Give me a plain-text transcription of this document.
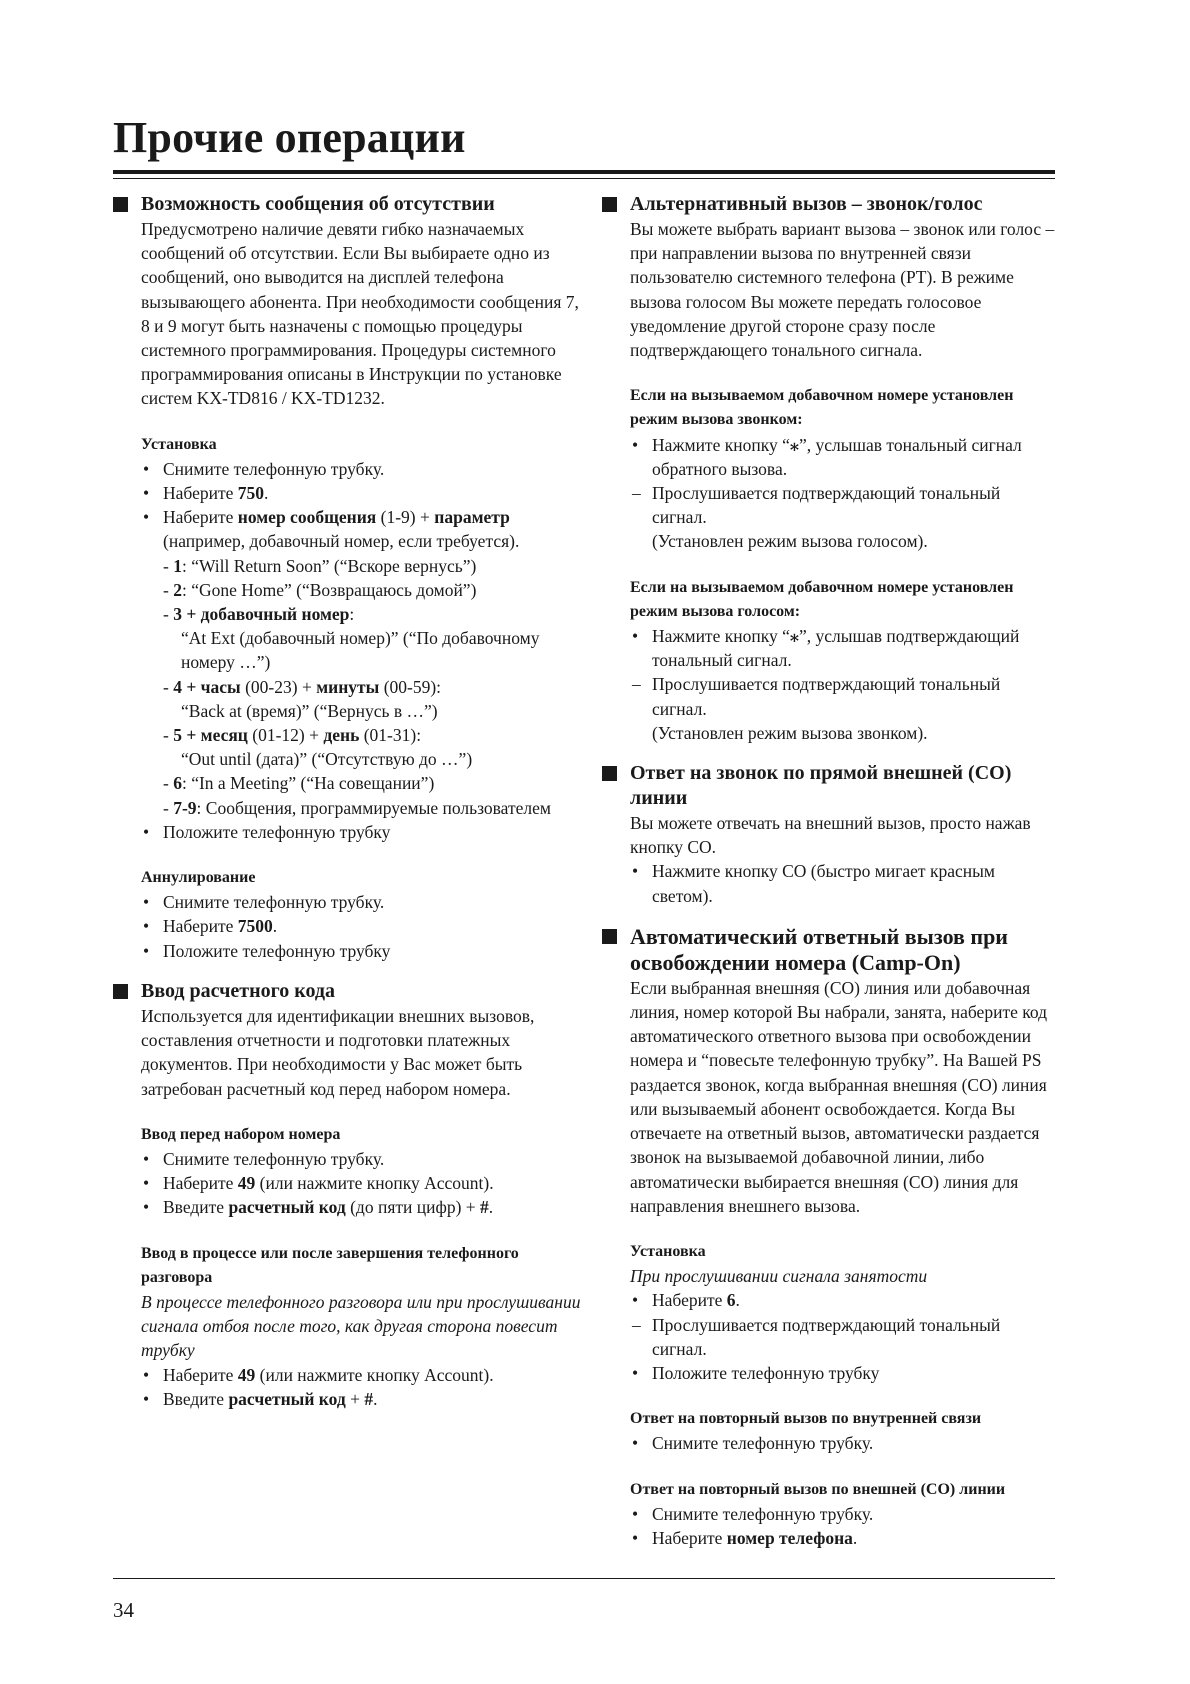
Прочие операции
Возможность сообщения об отсутствии

Предусмотрено наличие девяти гибко назначаемых сообщений об отсутствии. Если Вы выбираете одно из сообщений, оно выводится на дисплей телефона вызывающего абонента. При необходимости сообщения 7, 8 и 9 могут быть назначены с помощью процедуры системного программирования. Процедуры системного программирования описаны в Инструкции по установке систем KX-TD816 / KX-TD1232.

Установка

• Снимите телефонную трубку.
• Наберите 750.
• Наберите номер сообщения (1-9) + параметр (например, добавочный номер, если требуется).
- 1: “Will Return Soon” (“Вскоре вернусь”)
- 2: “Gone Home” (“Возвращаюсь домой”)
- 3 + добавочный номер:
“At Ext (добавочный номер)” (“По добавочному номеру …”)
- 4 + часы (00-23) + минуты (00-59):
“Back at (время)” (“Вернусь в …”)
- 5 + месяц (01-12) + день (01-31):
“Out until (дата)” (“Отсутствую до …”)
- 6: “In a Meeting” (“На совещании”)
- 7-9: Сообщения, программируемые пользователем
• Положите телефонную трубку

Аннулирование

• Снимите телефонную трубку.
• Наберите 7500.
• Положите телефонную трубку
Ввод расчетного кода

Используется для идентификации внешних вызовов, составления отчетности и подготовки платежных документов. При необходимости у Вас может быть затребован расчетный код перед набором номера.

Ввод перед набором номера

• Снимите телефонную трубку.
• Наберите 49 (или нажмите кнопку Account).
• Введите расчетный код (до пяти цифр) + #.

Ввод в процессе или после завершения телефонного разговора

В процессе телефонного разговора или при прослушивании сигнала отбоя после того, как другая сторона повесит трубку

• Наберите 49 (или нажмите кнопку Account).
• Введите расчетный код + #.
Альтернативный вызов – звонок/голос

Вы можете выбрать вариант вызова – звонок или голос – при направлении вызова по внутренней связи пользователю системного телефона (PT). В режиме вызова голосом Вы можете передать голосовое уведомление другой стороне сразу после подтверждающего тонального сигнала.

Если на вызываемом добавочном номере установлен режим вызова звонком:

• Нажмите кнопку “⁎”, услышав тональный сигнал обратного вызова.
– Прослушивается подтверждающий тональный сигнал.
(Установлен режим вызова голосом).

Если на вызываемом добавочном номере установлен режим вызова голосом:

• Нажмите кнопку “⁎”, услышав подтверждающий тональный сигнал.
– Прослушивается подтверждающий тональный сигнал.
(Установлен режим вызова звонком).
Ответ на звонок по прямой внешней (CO) линии

Вы можете отвечать на внешний вызов, просто нажав кнопку CO.

• Нажмите кнопку CO (быстро мигает красным светом).
Автоматический ответный вызов при освобождении номера (Camp-On)

Если выбранная внешняя (CO) линия или добавочная линия, номер которой Вы набрали, занята, наберите код автоматического ответного вызова при освобождении номера и “повесьте телефонную трубку”. На Вашей PS раздается звонок, когда выбранная внешняя (CO) линия или вызываемый абонент освобождается. Когда Вы отвечаете на ответный вызов, автоматически раздается звонок на вызываемой добавочной линии, либо автоматически выбирается внешняя (CO) линия для направления внешнего вызова.

Установка

При прослушивании сигнала занятости

• Наберите 6.
– Прослушивается подтверждающий тональный сигнал.
• Положите телефонную трубку

Ответ на повторный вызов по внутренней связи

• Снимите телефонную трубку.

Ответ на повторный вызов по внешней (CO) линии

• Снимите телефонную трубку.
• Наберите номер телефона.
34
